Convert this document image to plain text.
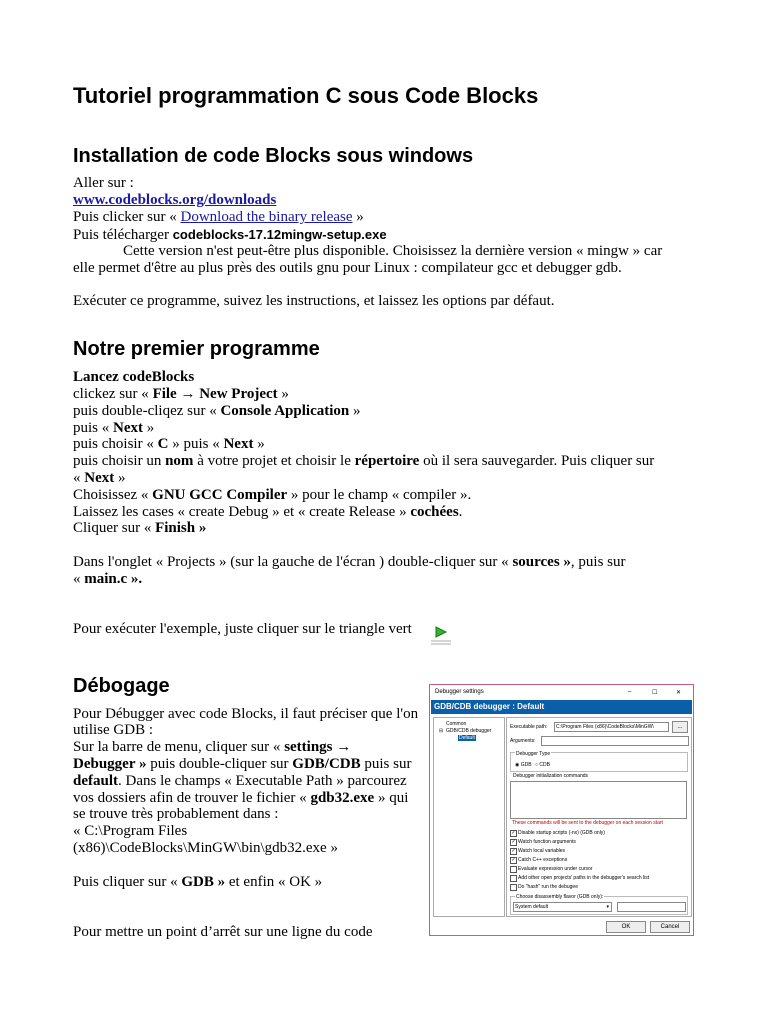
Tutoriel programmation C sous Code Blocks
Installation de code Blocks sous windows
Aller sur :
www.codeblocks.org/downloads
Puis clicker sur « Download the binary release »
Puis télécharger codeblocks-17.12mingw-setup.exe
Cette version n'est peut-être plus disponible. Choisissez la dernière version « mingw » car
elle permet d'être au plus près des outils gnu pour Linux : compilateur gcc et debugger gdb.
Exécuter ce programme, suivez les instructions, et laissez les options par défaut.
Notre premier programme
Lancez codeBlocks
clickez sur « File → New Project »
puis double-cliqez sur « Console Application »
puis « Next »
puis choisir « C » puis « Next »
puis choisir un nom à votre projet et choisir le répertoire où il sera sauvegarder. Puis cliquer sur
« Next »
Choisissez « GNU GCC Compiler » pour le champ « compiler ».
Laissez les cases « create Debug » et « create Release » cochées.
Cliquer sur « Finish »
Dans l'onglet « Projects » (sur la gauche de l'écran ) double-cliquer sur « sources », puis sur
« main.c ».
Pour exécuter l'exemple, juste cliquer sur le triangle vert
Débogage
Pour Débugger avec code Blocks, il faut préciser que l'on
utilise GDB :
Sur la barre de menu, cliquer sur « settings →
Debugger » puis double-cliquer sur GDB/CDB puis sur
default. Dans le champs « Executable Path » parcourez
vos dossiers afin de trouver le fichier « gdb32.exe » qui
se trouve très probablement dans :
« C:\Program Files
(x86)\CodeBlocks\MinGW\bin\gdb32.exe »
Puis cliquer sur « GDB » et enfin « OK »
Pour mettre un point d’arrêt sur une ligne du code
Debugger settings	–	☐	✕
GDB/CDB debugger : Default
Common
⊟ GDB/CDB debugger
Default
Executable path:	C:\Program Files (x86)\CodeBlocks\MinGW\	...
Arguments:
Debugger Type
◉ GDB ○ CDB
Debugger initialization commands
These commands will be sent to the debugger on each session start
✓ Disable startup scripts (-nx) (GDB only)
✓ Watch function arguments
✓ Watch local variables
✓ Catch C++ exceptions
Evaluate expression under cursor
Add other open projects' paths in the debugger's search list
Do "hash" run the debugee
Choose disassembly flavor (GDB only):
System default	▾
OK	Cancel
